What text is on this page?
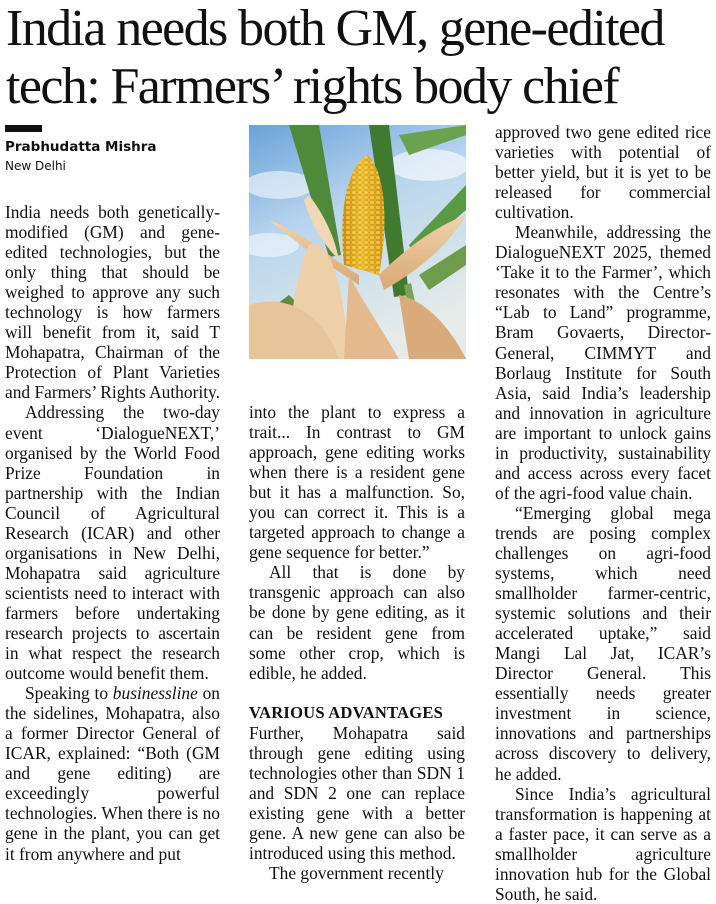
India needs both GM, gene-edited
tech: Farmers’ rights body chief
Prabhudatta Mishra
New Delhi

India needs both genetically-modified (GM) and gene-edited technologies, but the only thing that should be weighed to approve any such technology is how farmers will benefit from it, said T Mohapatra, Chairman of the Protection of Plant Varieties and Farmers’ Rights Authority.

Addressing the two-day event ‘DialogueNEXT,’ organised by the World Food Prize Foundation in partnership with the Indian Council of Agricultural Research (ICAR) and other organisations in New Delhi, Mohapatra said agriculture scientists need to interact with farmers before undertaking research projects to ascertain in what respect the research outcome would benefit them.

Speaking to businessline on the sidelines, Mohapatra, also a former Director General of ICAR, explained: “Both (GM and gene editing) are exceedingly powerful technologies. When there is no gene in the plant, you can get it from anywhere and put

into the plant to express a trait... In contrast to GM approach, gene editing works when there is a resident gene but it has a malfunction. So, you can correct it. This is a targeted approach to change a gene sequence for better.”

All that is done by transgenic approach can also be done by gene editing, as it can be resident gene from some other crop, which is edible, he added.

VARIOUS ADVANTAGES

Further, Mohapatra said through gene editing using technologies other than SDN 1 and SDN 2 one can replace existing gene with a better gene. A new gene can also be introduced using this method.

The government recently

approved two gene edited rice varieties with potential of better yield, but it is yet to be released for commercial cultivation.

Meanwhile, addressing the DialogueNEXT 2025, themed ‘Take it to the Farmer’, which resonates with the Centre’s “Lab to Land” programme, Bram Govaerts, Director-General, CIMMYT and Borlaug Institute for South Asia, said India’s leadership and innovation in agriculture are important to unlock gains in productivity, sustainability and access across every facet of the agri-food value chain.

“Emerging global mega trends are posing complex challenges on agri-food systems, which need smallholder farmer-centric, systemic solutions and their accelerated uptake,” said Mangi Lal Jat, ICAR’s Director General. This essentially needs greater investment in science, innovations and partnerships across discovery to delivery, he added.

Since India’s agricultural transformation is happening at a faster pace, it can serve as a smallholder agriculture innovation hub for the Global South, he said.
